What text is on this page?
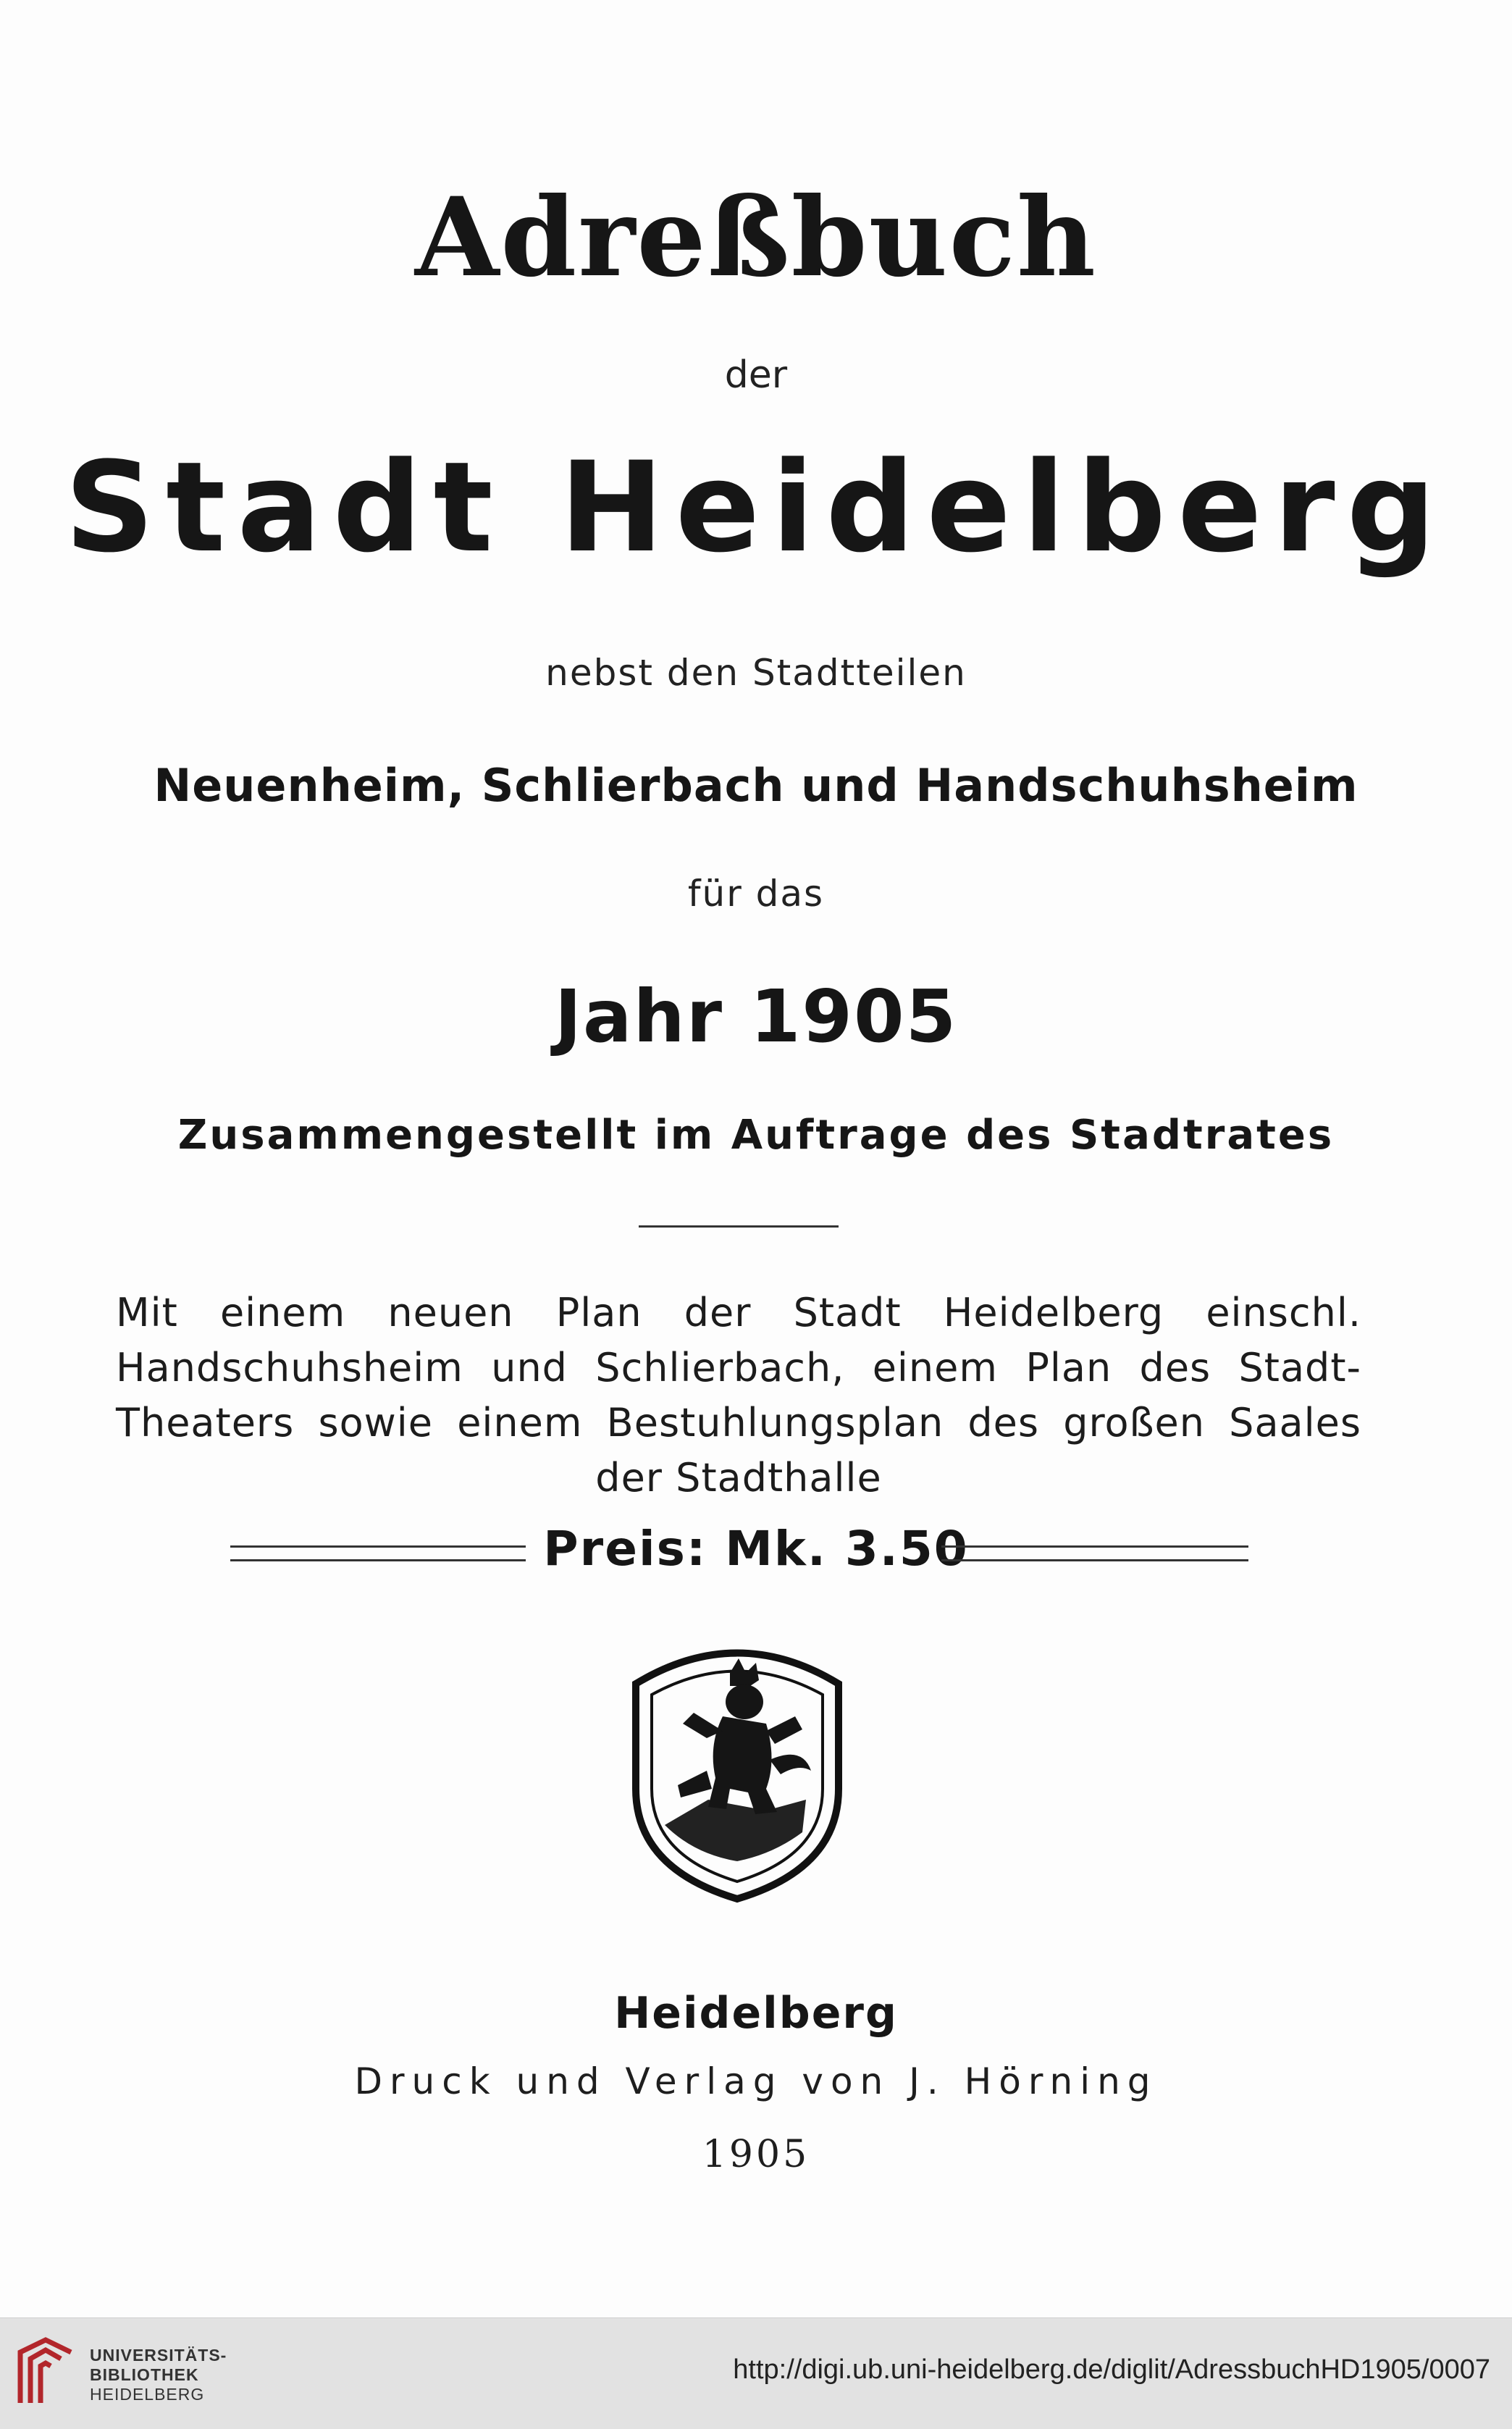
Adreßbuch
der
Stadt Heidelberg
nebst den Stadtteilen
Neuenheim, Schlierbach und Handschuhsheim
für das
Jahr 1905
Zusammengestellt im Auftrage des Stadtrates
Mit einem neuen Plan der Stadt Heidelberg einschl. Handschuhsheim und Schlierbach, einem Plan des Stadt-Theaters sowie einem Bestuhlungsplan des großen Saales der Stadthalle
Preis: Mk. 3.50
Heidelberg
Druck und Verlag von J. Hörning
1905
UNIVERSITÄTS-
BIBLIOTHEK
HEIDELBERG
http://digi.ub.uni-heidelberg.de/diglit/AdressbuchHD1905/0007
